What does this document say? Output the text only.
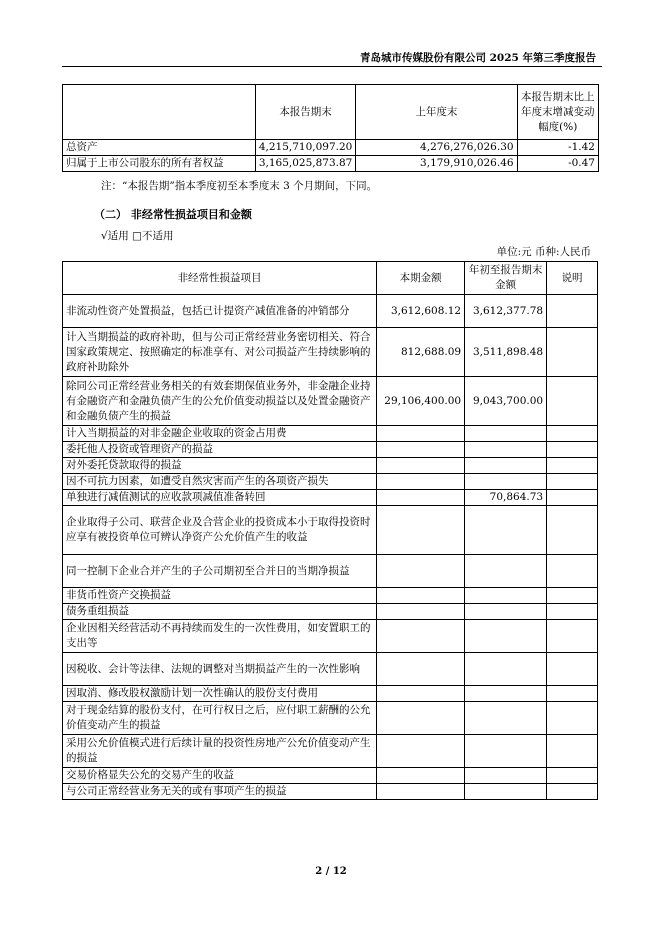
青岛城市传媒股份有限公司 2025 年第三季度报告
	本报告期末	上年度末	本报告期末比上年度末增减变动幅度(%)
总资产	4,215,710,097.20	4,276,276,026.30	-1.42
归属于上市公司股东的所有者权益	3,165,025,873.87	3,179,910,026.46	-0.47
注：“本报告期”指本季度初至本季度末 3 个月期间，下同。
（二） 非经常性损益项目和金额
√适用 □不适用
单位:元 币种:人民币
非经常性损益项目	本期金额	年初至报告期末金额	说明
非流动性资产处置损益，包括已计提资产减值准备的冲销部分	3,612,608.12	3,612,377.78	
计入当期损益的政府补助，但与公司正常经营业务密切相关、符合国家政策规定、按照确定的标准享有、对公司损益产生持续影响的政府补助除外	812,688.09	3,511,898.48	
除同公司正常经营业务相关的有效套期保值业务外，非金融企业持有金融资产和金融负债产生的公允价值变动损益以及处置金融资产和金融负债产生的损益	29,106,400.00	9,043,700.00	
计入当期损益的对非金融企业收取的资金占用费			
委托他人投资或管理资产的损益			
对外委托贷款取得的损益			
因不可抗力因素，如遭受自然灾害而产生的各项资产损失			
单独进行减值测试的应收款项减值准备转回		70,864.73	
企业取得子公司、联营企业及合营企业的投资成本小于取得投资时应享有被投资单位可辨认净资产公允价值产生的收益			
同一控制下企业合并产生的子公司期初至合并日的当期净损益			
非货币性资产交换损益			
债务重组损益			
企业因相关经营活动不再持续而发生的一次性费用，如安置职工的支出等			
因税收、会计等法律、法规的调整对当期损益产生的一次性影响			
因取消、修改股权激励计划一次性确认的股份支付费用			
对于现金结算的股份支付，在可行权日之后，应付职工薪酬的公允价值变动产生的损益			
采用公允价值模式进行后续计量的投资性房地产公允价值变动产生的损益			
交易价格显失公允的交易产生的收益			
与公司正常经营业务无关的或有事项产生的损益			
2 / 12
